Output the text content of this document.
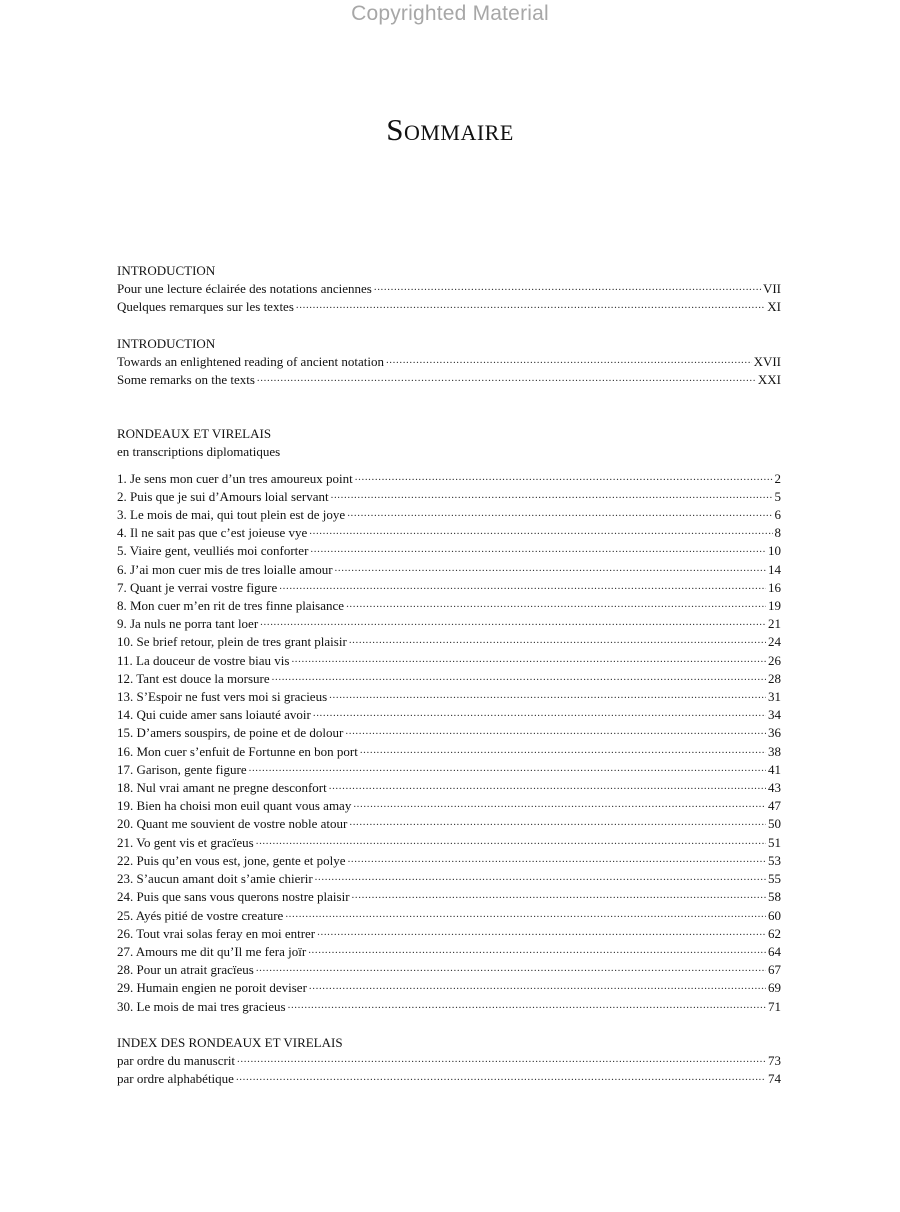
Copyrighted Material
Sommaire
INTRODUCTION
Pour une lecture éclairée des notations anciennes .....	VII
Quelques remarques sur les textes .....	XI
INTRODUCTION
Towards an enlightened reading of ancient notation .....	XVII
Some remarks on the texts .....	XXI
RONDEAUX ET VIRELAIS
en transcriptions diplomatiques
1. Je sens mon cuer d’un tres amoureux point .....	2
2. Puis que je sui d’Amours loial servant .....	5
3. Le mois de mai, qui tout plein est de joye .....	6
4. Il ne sait pas que c’est joieuse vye .....	8
5. Viaire gent, veulliés moi conforter .....	10
6. J’ai mon cuer mis de tres loialle amour .....	14
7. Quant je verrai vostre figure .....	16
8. Mon cuer m’en rit de tres finne plaisance .....	19
9. Ja nuls ne porra tant loer .....	21
10. Se brief retour, plein de tres grant plaisir .....	24
11. La douceur de vostre biau vis .....	26
12. Tant est douce la morsure .....	28
13. S’Espoir ne fust vers moi si gracieus .....	31
14. Qui cuide amer sans loiauté avoir .....	34
15. D’amers souspirs, de poine et de dolour .....	36
16. Mon cuer s’enfuit de Fortunne en bon port .....	38
17. Garison, gente figure .....	41
18. Nul vrai amant ne pregne desconfort .....	43
19. Bien ha choisi mon euil quant vous amay .....	47
20. Quant me souvient de vostre noble atour .....	50
21. Vo gent vis et gracïeus .....	51
22. Puis qu’en vous est, jone, gente et polye .....	53
23. S’aucun amant doit s’amie chierir .....	55
24. Puis que sans vous querons nostre plaisir .....	58
25. Ayés pitié de vostre creature .....	60
26. Tout vrai solas feray en moi entrer .....	62
27. Amours me dit qu’Il me fera joïr .....	64
28. Pour un atrait gracïeus .....	67
29. Humain engien ne poroit deviser .....	69
30. Le mois de mai tres gracieus .....	71
INDEX DES RONDEAUX ET VIRELAIS
par ordre du manuscrit .....	73
par ordre alphabétique .....	74
